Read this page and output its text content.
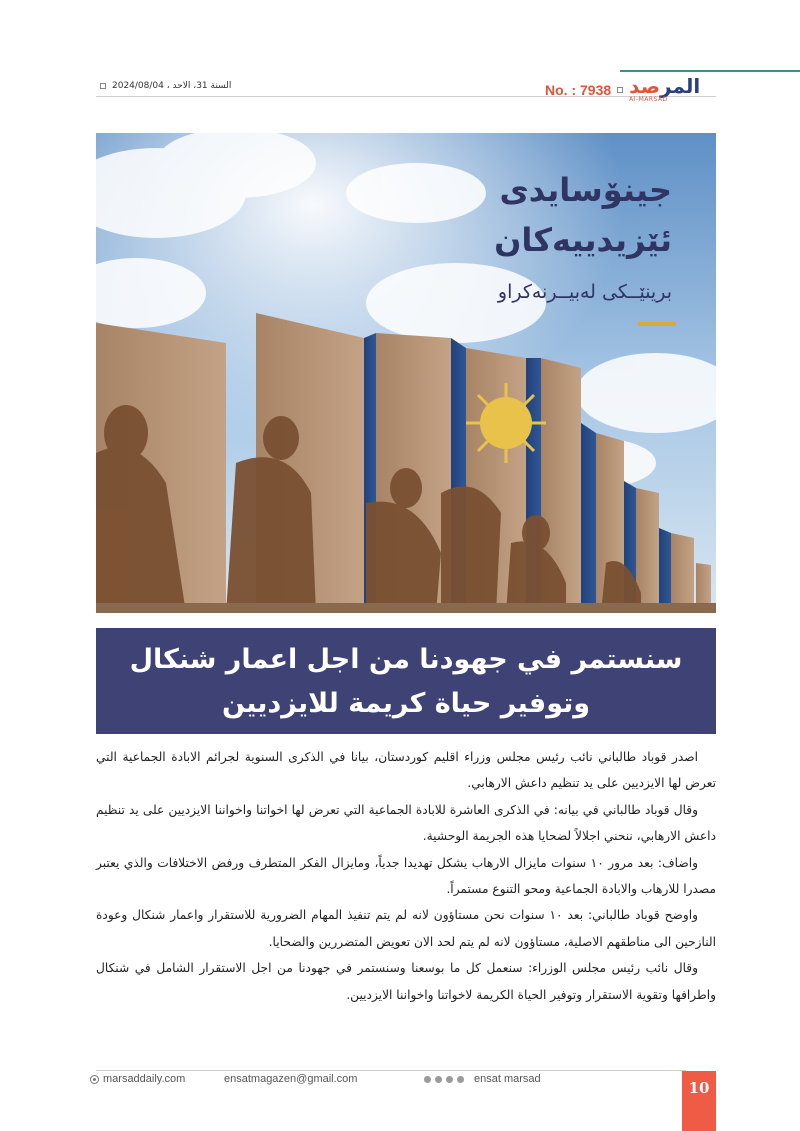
السنة 31، الاحد ، 2024/08/04	No. : 7938	المرصد
Al-MARSAD
جینۆسایدی
ئێزیدییەکان
برینێــکی لەبیــرنەکراو
سنستمر في جهودنا من اجل اعمار شنكال
وتوفير حياة كريمة للايزديين

اصدر قوباد طالباني نائب رئيس مجلس وزراء اقليم كوردستان، بيانا في الذكرى السنوية لجرائم الابادة الجماعية التي تعرض لها الايزديين على يد تنظيم داعش الارهابي.

وقال قوباد طالباني في بيانه: في الذكرى العاشرة للابادة الجماعية التي تعرض لها اخواتنا واخواننا الايزديين على يد تنظيم داعش الارهابي، ننحني اجلالاً لضحايا هذه الجريمة الوحشية.

واضاف: بعد مرور ١٠ سنوات مايزال الارهاب يشكل تهديدا جدياً، ومايزال الفكر المتطرف ورفض الاختلافات والذي يعتبر مصدرا للارهاب والابادة الجماعية ومحو التنوع مستمراً.

واوضح قوباد طالباني: بعد ١٠ سنوات نحن مستاؤون لانه لم يتم تنفيذ المهام الضرورية للاستقرار واعمار شنكال وعودة النازحين الى مناطقهم الاصلية، مستاؤون لانه لم يتم لحد الان تعويض المتضررين والضحايا.

وقال نائب رئيس مجلس الوزراء: سنعمل كل ما بوسعنا وسنستمر في جهودنا من اجل الاستقرار الشامل في شنكال واطرافها وتقوية الاستقرار وتوفير الحياة الكريمة لاخواتنا واخواننا الايزديين.

marsaddaily.com	ensatmagazen@gmail.com	ensat marsad	10
